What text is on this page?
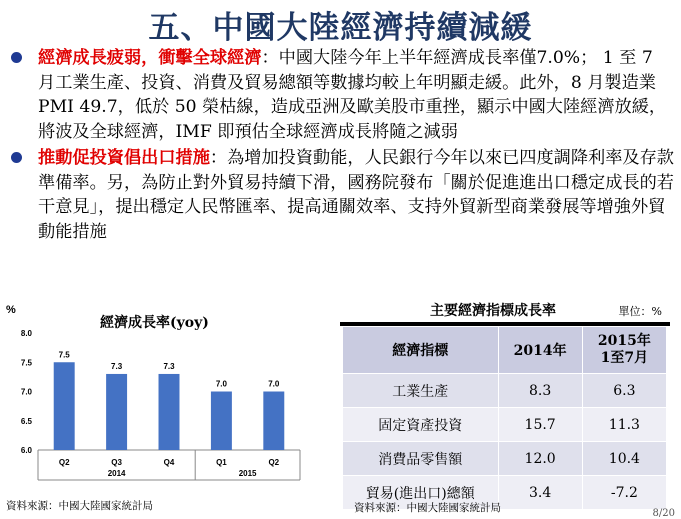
五、中國大陸經濟持續減緩
經濟成長疲弱，衝擊全球經濟：中國大陸今年上半年經濟成長率僅7.0%； 1 至 7 月工業生產、投資、消費及貿易總額等數據均較上年明顯走緩。此外，8 月製造業 PMI 49.7，低於 50 榮枯線，造成亞洲及歐美股市重挫，顯示中國大陸經濟放緩，將波及全球經濟，IMF 即預估全球經濟成長將隨之減弱
推動促投資倡出口措施：為增加投資動能，人民銀行今年以來已四度調降利率及存款準備率。另，為防止對外貿易持續下滑，國務院發布「關於促進進出口穩定成長的若干意見」，提出穩定人民幣匯率、提高通關效率、支持外貿新型商業發展等增強外貿動能措施
%
經濟成長率(yoy)
6.0
6.5
7.0
7.5
8.0
7.5
Q2
7.3
Q3
7.3
Q4
7.0
Q1
7.0
Q2
2014	2015
資料來源：中國大陸國家統計局
主要經濟指標成長率	單位：%
經濟指標	2014年	2015年
1至7月
工業生產	8.3	6.3
固定資產投資	15.7	11.3
消費品零售額	12.0	10.4
貿易(進出口)總額	3.4	-7.2
資料來源：中國大陸國家統計局	8/20
